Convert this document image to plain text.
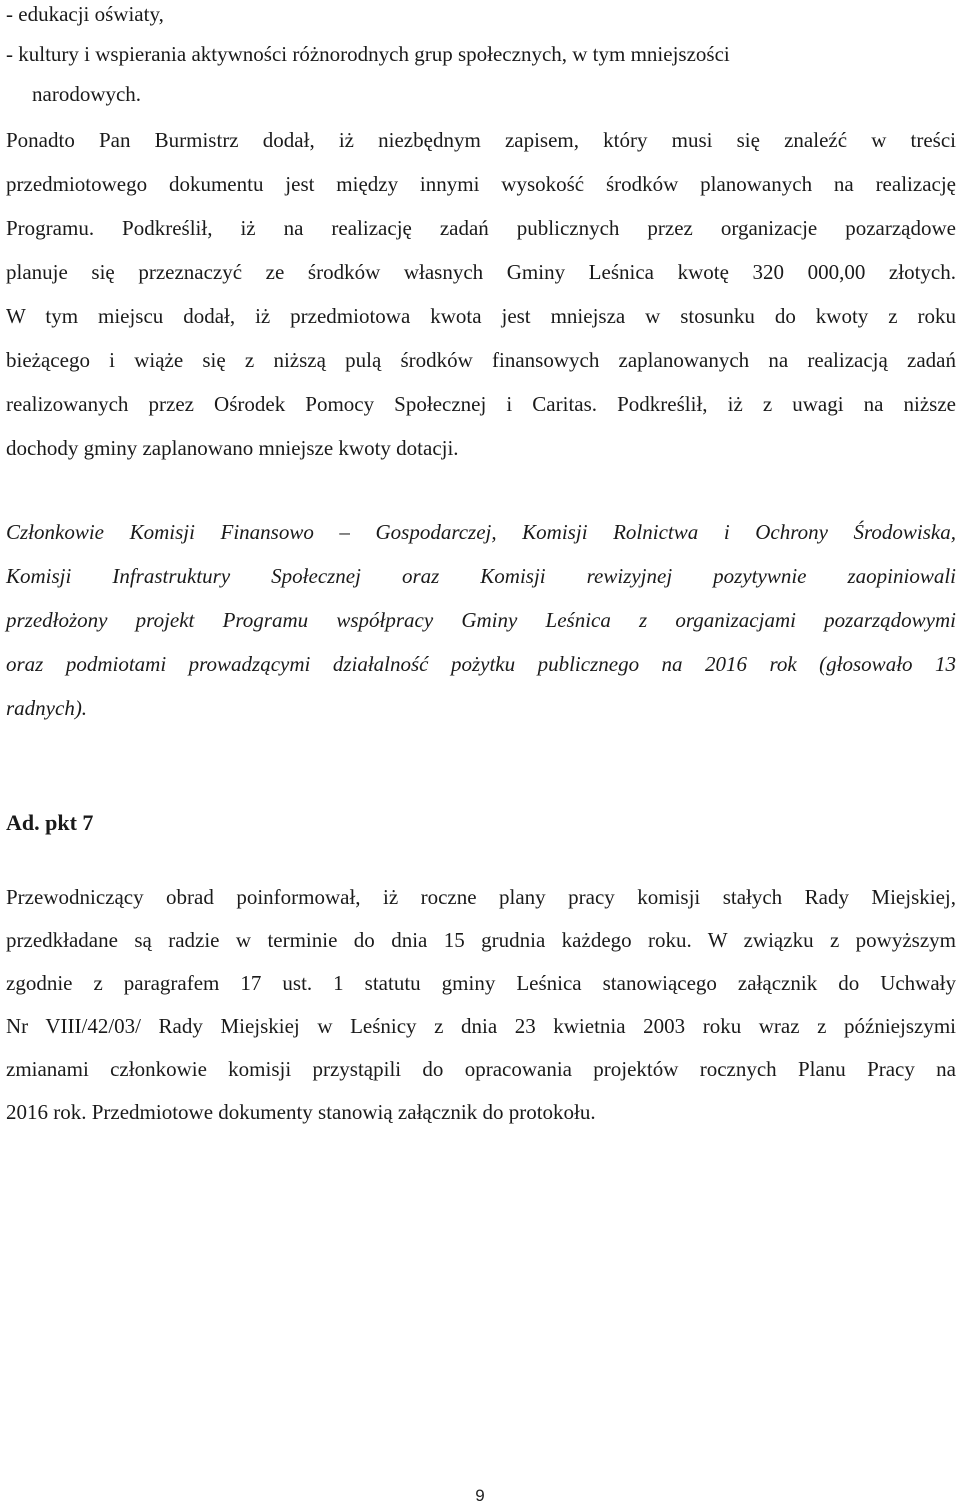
- edukacji oświaty,
- kultury i wspierania aktywności różnorodnych grup społecznych, w tym mniejszości
narodowych.
Ponadto Pan Burmistrz dodał, iż niezbędnym zapisem, który musi się znaleźć w treści
przedmiotowego dokumentu jest między innymi wysokość środków planowanych na realizację
Programu. Podkreślił, iż na realizację zadań publicznych przez organizacje pozarządowe
planuje się przeznaczyć ze środków własnych Gminy Leśnica kwotę 320 000,00 złotych.
W tym miejscu dodał, iż przedmiotowa kwota jest mniejsza w stosunku do kwoty z roku
bieżącego i wiąże się z niższą pulą środków finansowych zaplanowanych na realizacją zadań
realizowanych przez Ośrodek Pomocy Społecznej i Caritas. Podkreślił, iż z uwagi na niższe
dochody gminy zaplanowano mniejsze kwoty dotacji.
Członkowie Komisji Finansowo – Gospodarczej, Komisji Rolnictwa i Ochrony Środowiska,
Komisji Infrastruktury Społecznej oraz Komisji rewizyjnej pozytywnie zaopiniowali
przedłożony projekt Programu współpracy Gminy Leśnica z organizacjami pozarządowymi
oraz podmiotami prowadzącymi działalność pożytku publicznego na 2016 rok (głosowało 13
radnych).
Ad. pkt 7
Przewodniczący obrad poinformował, iż roczne plany pracy komisji stałych Rady Miejskiej,
przedkładane są radzie w terminie do dnia 15 grudnia każdego roku. W związku z powyższym
zgodnie z paragrafem 17 ust. 1 statutu gminy Leśnica stanowiącego załącznik do Uchwały
Nr VIII/42/03/ Rady Miejskiej w Leśnicy z dnia 23 kwietnia 2003 roku wraz z późniejszymi
zmianami członkowie komisji przystąpili do opracowania projektów rocznych Planu Pracy na
2016 rok. Przedmiotowe dokumenty stanowią załącznik do protokołu.
9
